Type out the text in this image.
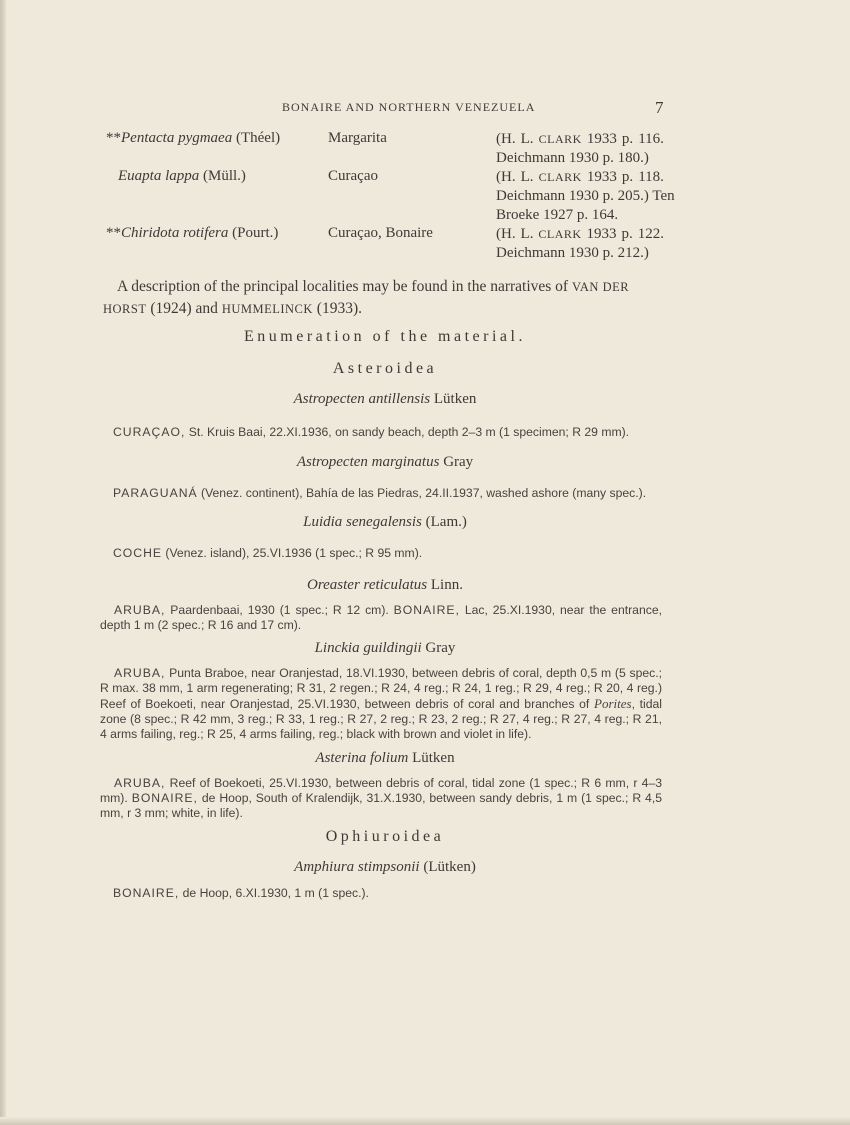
BONAIRE AND NORTHERN VENEZUELA	7
**Pentacta pygmaea (Théel)	Margarita	(H. L. CLARK 1933 p. 116.
Deichmann 1930 p. 180.)
Euapta lappa (Müll.)	Curaçao	(H. L. CLARK 1933 p. 118.
Deichmann 1930 p. 205.) Ten
Broeke 1927 p. 164.
**Chiridota rotifera (Pourt.)	Curaçao, Bonaire	(H. L. CLARK 1933 p. 122.
Deichmann 1930 p. 212.)
A description of the principal localities may be found in the narratives of VAN DER HORST (1924) and HUMMELINCK (1933).
Enumeration of the material.
Asteroidea
Astropecten antillensis Lütken
CURAÇAO, St. Kruis Baai, 22.XI.1936, on sandy beach, depth 2–3 m (1 specimen; R 29 mm).
Astropecten marginatus Gray
PARAGUANÁ (Venez. continent), Bahía de las Piedras, 24.II.1937, washed ashore (many spec.).
Luidia senegalensis (Lam.)
COCHE (Venez. island), 25.VI.1936 (1 spec.; R 95 mm).
Oreaster reticulatus Linn.
ARUBA, Paardenbaai, 1930 (1 spec.; R 12 cm). BONAIRE, Lac, 25.XI.1930, near the entrance, depth 1 m (2 spec.; R 16 and 17 cm).
Linckia guildingii Gray
ARUBA, Punta Braboe, near Oranjestad, 18.VI.1930, between debris of coral, depth 0,5 m (5 spec.; R max. 38 mm, 1 arm regenerating; R 31, 2 regen.; R 24, 4 reg.; R 24, 1 reg.; R 29, 4 reg.; R 20, 4 reg.) Reef of Boekoeti, near Oranjestad, 25.VI.1930, between debris of coral and branches of Porites, tidal zone (8 spec.; R 42 mm, 3 reg.; R 33, 1 reg.; R 27, 2 reg.; R 23, 2 reg.; R 27, 4 reg.; R 27, 4 reg.; R 21, 4 arms failing, reg.; R 25, 4 arms failing, reg.; black with brown and violet in life).
Asterina folium Lütken
ARUBA, Reef of Boekoeti, 25.VI.1930, between debris of coral, tidal zone (1 spec.; R 6 mm, r 4–3 mm). BONAIRE, de Hoop, South of Kralendijk, 31.X.1930, between sandy debris, 1 m (1 spec.; R 4,5 mm, r 3 mm; white, in life).
Ophiuroidea
Amphiura stimpsonii (Lütken)
BONAIRE, de Hoop, 6.XI.1930, 1 m (1 spec.).
